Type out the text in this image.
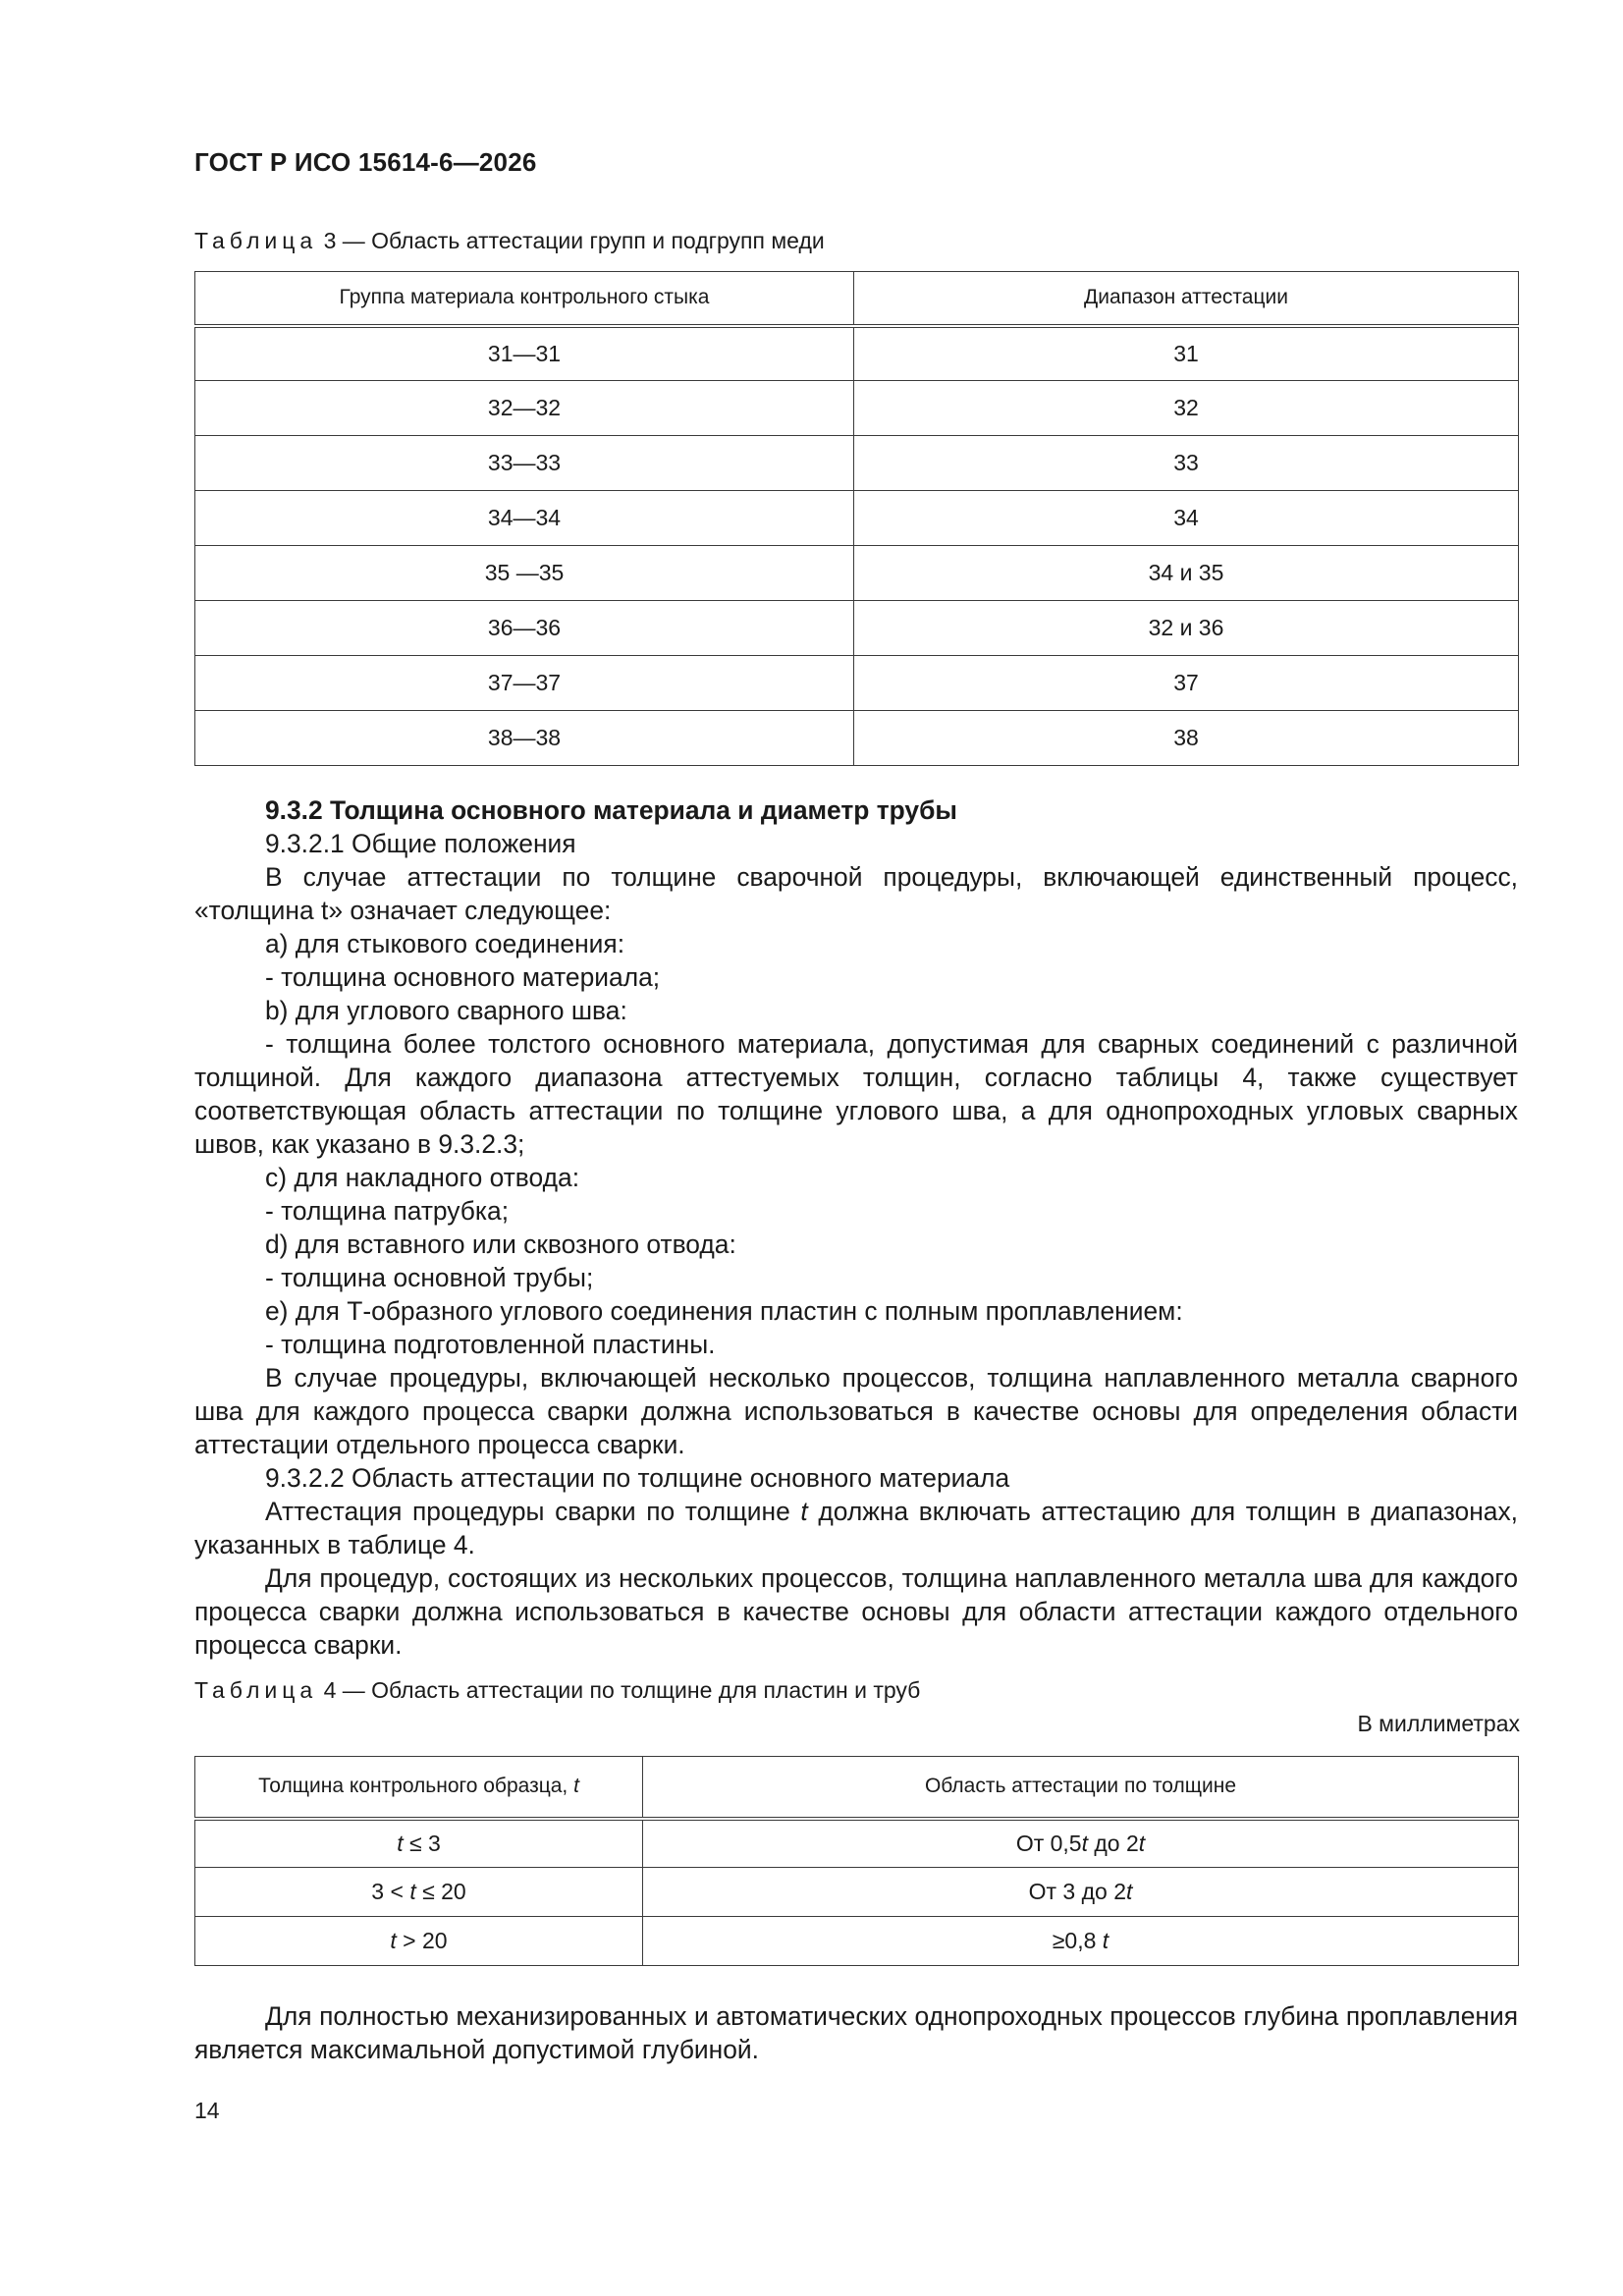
ГОСТ Р ИСО 15614-6—2026
Таблица 3 — Область аттестации групп и подгрупп меди
Группа материала контрольного стыка	Диапазон аттестации
31—31	31
32—32	32
33—33	33
34—34	34
35 —35	34 и 35
36—36	32 и 36
37—37	37
38—38	38

9.3.2 Толщина основного материала и диаметр трубы

9.3.2.1 Общие положения

В случае аттестации по толщине сварочной процедуры, включающей единственный процесс, «толщина t» означает следующее:

a) для стыкового соединения:

- толщина основного материала;

b) для углового сварного шва:

- толщина более толстого основного материала, допустимая для сварных соединений с различной толщиной. Для каждого диапазона аттестуемых толщин, согласно таблицы 4, также существует соответствующая область аттестации по толщине углового шва, а для однопроходных угловых сварных швов, как указано в 9.3.2.3;

c) для накладного отвода:

- толщина патрубка;

d) для вставного или сквозного отвода:

- толщина основной трубы;

e) для Т-образного углового соединения пластин с полным проплавлением:

- толщина подготовленной пластины.

В случае процедуры, включающей несколько процессов, толщина наплавленного металла сварного шва для каждого процесса сварки должна использоваться в качестве основы для определения области аттестации отдельного процесса сварки.

9.3.2.2 Область аттестации по толщине основного материала

Аттестация процедуры сварки по толщине t должна включать аттестацию для толщин в диапазонах, указанных в таблице 4.

Для процедур, состоящих из нескольких процессов, толщина наплавленного металла шва для каждого процесса сварки должна использоваться в качестве основы для области аттестации каждого отдельного процесса сварки.

Таблица 4 — Область аттестации по толщине для пластин и труб
В миллиметрах
Толщина контрольного образца, t	Область аттестации по толщине
t ≤ 3	От 0,5t до 2t
3 < t ≤ 20	От 3 до 2t
t > 20	≥0,8 t

Для полностью механизированных и автоматических однопроходных процессов глубина проплавления является максимальной допустимой глубиной.

14
